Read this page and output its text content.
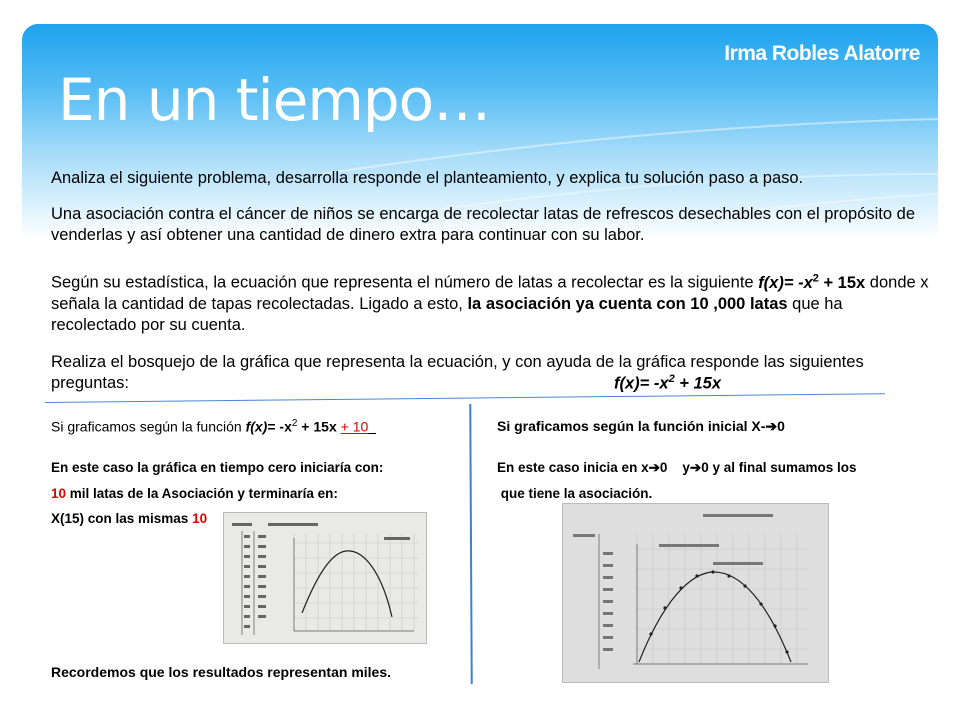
Irma Robles Alatorre
En un tiempo…
Analiza el siguiente problema, desarrolla responde el planteamiento, y explica tu solución paso a paso.
Una asociación contra el cáncer de niños se encarga de recolectar latas de refrescos desechables con el propósito de venderlas y así obtener una cantidad de dinero extra para continuar con su labor.
Según su estadística, la ecuación que representa el número de latas a recolectar es la siguiente $f(x)= -x^2 + 15x$ donde x señala la cantidad de tapas recolectadas. Ligado a esto, la asociación ya cuenta con 10 ,000 latas que ha recolectado por su cuenta.
Realiza el bosquejo de la gráfica que representa la ecuación, y con ayuda de la gráfica responde las siguientes preguntas:	$f(x)= -x^2 + 15x$
Si graficamos según la función $f(x)= -x^2 + 15x + 10$
En este caso la gráfica en tiempo cero iniciaría con:
10 mil latas de la Asociación y terminaría en:
X(15) con las mismas 10
Recordemos que los resultados representan miles.
Si graficamos según la función inicial X-➔0
En este caso inicia en x➔0    y➔0 y al final sumamos los
que tiene la asociación.
